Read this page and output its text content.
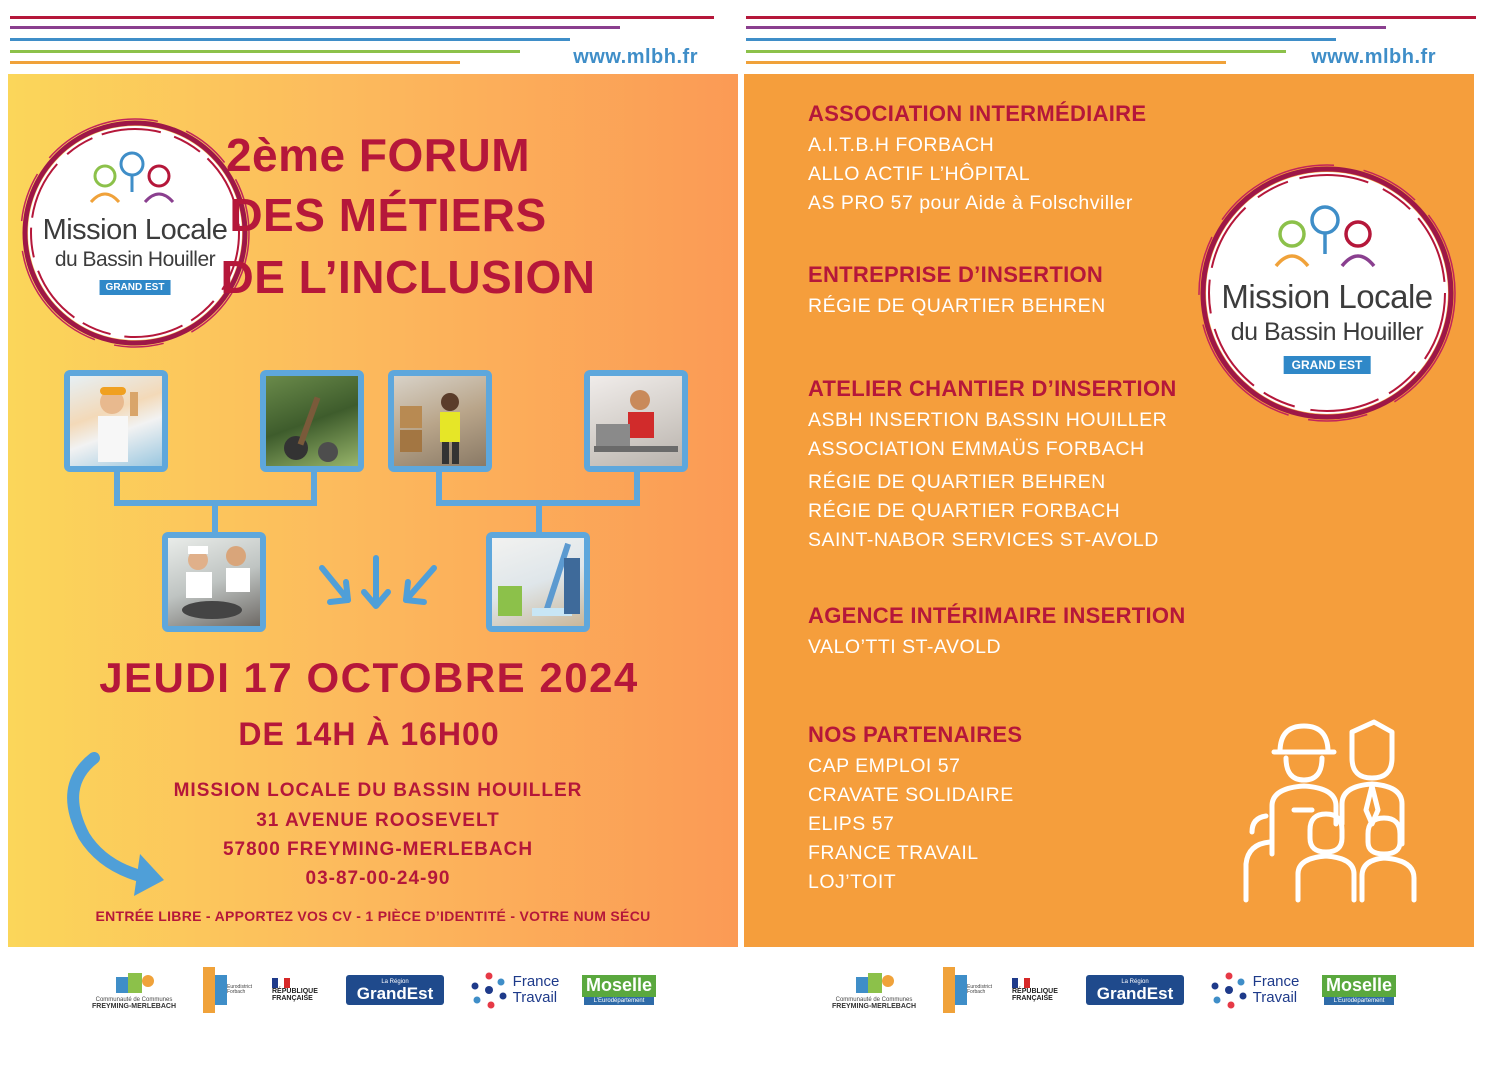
www.mlbh.fr
Mission Locale
du Bassin Houiller
GRAND EST
2ème FORUM
DES MÉTIERS
DE L’INCLUSION
JEUDI 17 OCTOBRE 2024
DE 14H À 16H00
MISSION LOCALE DU BASSIN HOUILLER
31 AVENUE ROOSEVELT
57800 FREYMING-MERLEBACH
03-87-00-24-90
ENTRÉE LIBRE - APPORTEZ VOS CV - 1 PIÈCE D’IDENTITÉ - VOTRE NUM SÉCU
Communauté de Communes
FREYMING-MERLEBACH
Eurodistrict Forbach	RÉPUBLIQUE
FRANÇAISE
La Région
GrandEst
France
Travail
Moselle
L'Eurodépartement
www.mlbh.fr
ASSOCIATION INTERMÉDIAIRE
A.I.T.B.H FORBACH
ALLO ACTIF L’HÔPITAL
AS PRO 57 pour Aide à Folschviller
ENTREPRISE D’INSERTION
RÉGIE DE QUARTIER BEHREN
ATELIER CHANTIER D’INSERTION
ASBH INSERTION BASSIN HOUILLER
ASSOCIATION EMMAÜS FORBACH
RÉGIE DE QUARTIER BEHREN
RÉGIE DE QUARTIER FORBACH
SAINT-NABOR SERVICES ST-AVOLD
AGENCE INTÉRIMAIRE INSERTION
VALO’TTI ST-AVOLD
NOS PARTENAIRES
CAP EMPLOI 57
CRAVATE SOLIDAIRE
ELIPS 57
FRANCE TRAVAIL
LOJ’TOIT
Mission Locale
du Bassin Houiller
GRAND EST
Communauté de Communes
FREYMING-MERLEBACH
Eurodistrict Forbach	RÉPUBLIQUE
FRANÇAISE
La Région
GrandEst
France
Travail
Moselle
L'Eurodépartement
